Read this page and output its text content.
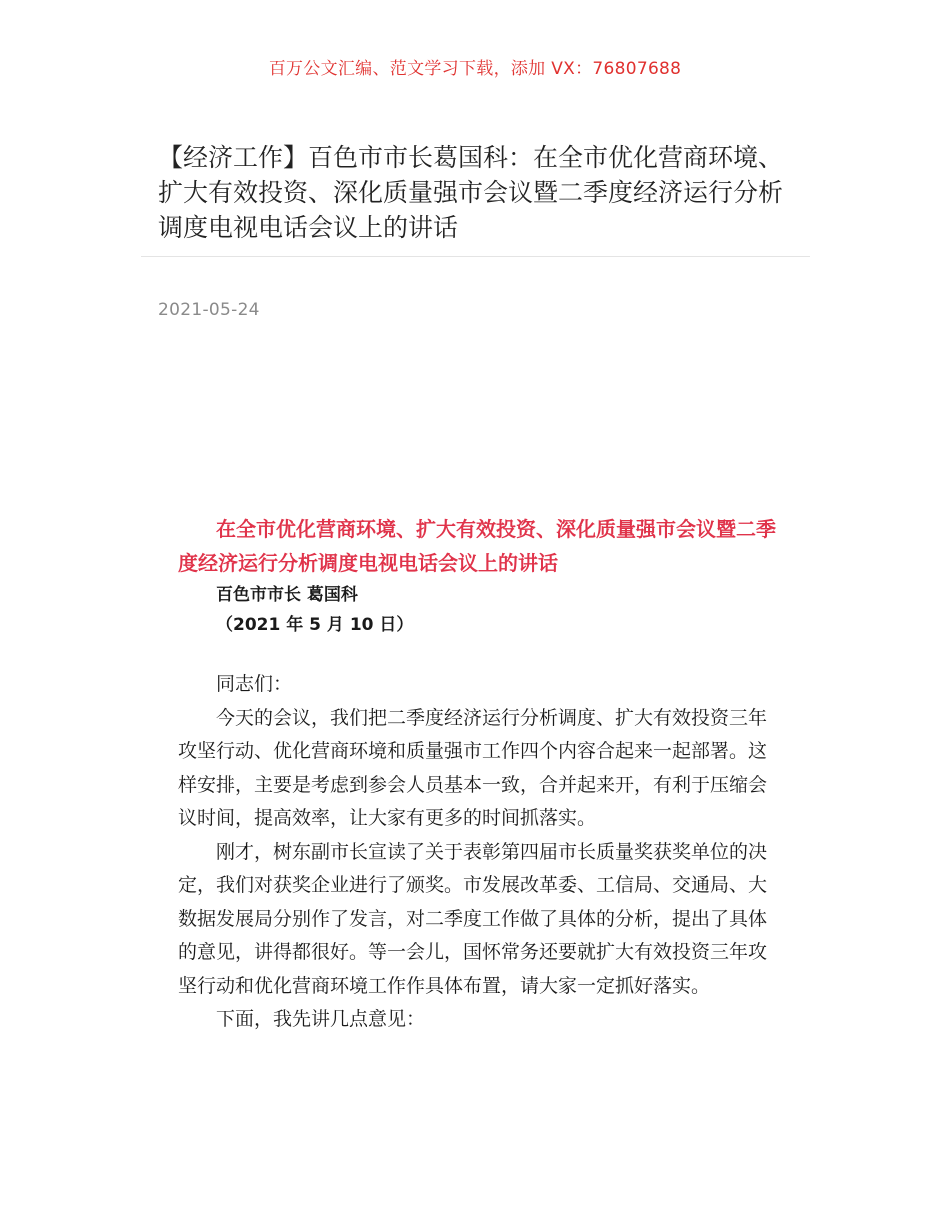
百万公文汇编、范文学习下载，添加 VX：76807688
【经济工作】百色市市长葛国科：在全市优化营商环境、扩大有效投资、深化质量强市会议暨二季度经济运行分析调度电视电话会议上的讲话
2021-05-24

在全市优化营商环境、扩大有效投资、深化质量强市会议暨二季度经济运行分析调度电视电话会议上的讲话

百色市市长 葛国科

（2021 年 5 月 10 日）

同志们：

今天的会议，我们把二季度经济运行分析调度、扩大有效投资三年攻坚行动、优化营商环境和质量强市工作四个内容合起来一起部署。这样安排，主要是考虑到参会人员基本一致，合并起来开，有利于压缩会议时间，提高效率，让大家有更多的时间抓落实。

刚才，树东副市长宣读了关于表彰第四届市长质量奖获奖单位的决定，我们对获奖企业进行了颁奖。市发展改革委、工信局、交通局、大数据发展局分别作了发言，对二季度工作做了具体的分析，提出了具体的意见，讲得都很好。等一会儿，国怀常务还要就扩大有效投资三年攻坚行动和优化营商环境工作作具体布置，请大家一定抓好落实。

下面，我先讲几点意见：
